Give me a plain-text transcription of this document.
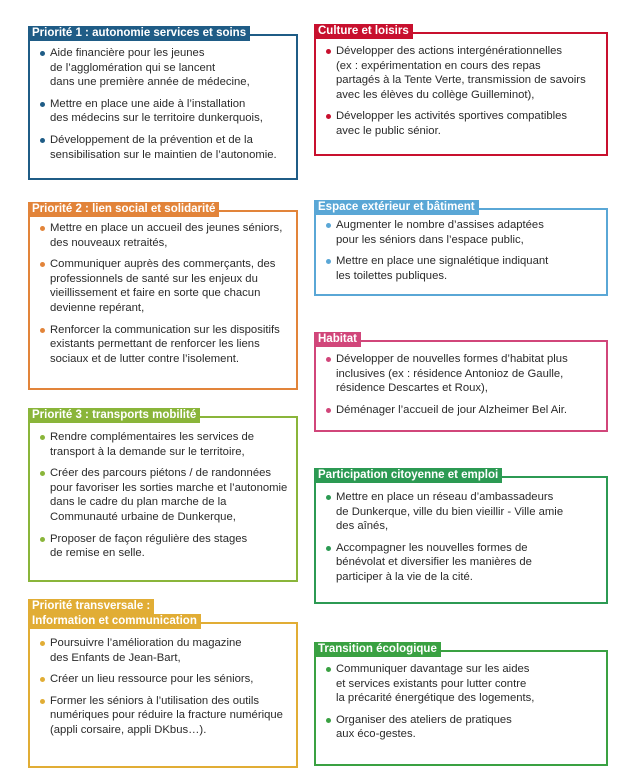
Priorité 1 : autonomie services et soins
Aide financière pour les jeunes
de l’agglomération qui se lancent
dans une première année de médecine,
Mettre en place une aide à l’installation
des médecins sur le territoire dunkerquois,
Développement de la prévention et de la
sensibilisation sur le maintien de l’autonomie.
Priorité 2 : lien social et solidarité
Mettre en place un accueil des jeunes séniors,
des nouveaux retraités,
Communiquer auprès des commerçants, des
professionnels de santé sur les enjeux du
vieillissement et faire en sorte que chacun
devienne repérant,
Renforcer la communication sur les dispositifs
existants permettant de renforcer les liens
sociaux et de lutter contre l’isolement.
Priorité 3 : transports mobilité
Rendre complémentaires les services de
transport à la demande sur le territoire,
Créer des parcours piétons / de randonnées
pour favoriser les sorties marche et l’autonomie
dans le cadre du plan marche de la
Communauté urbaine de Dunkerque,
Proposer de façon régulière des stages
de remise en selle.
Priorité transversale :
Information et communication
Poursuivre l’amélioration du magazine
des Enfants de Jean-Bart,
Créer un lieu ressource pour les séniors,
Former les séniors à l’utilisation des outils
numériques pour réduire la fracture numérique
(appli corsaire, appli DKbus…).
Culture et loisirs
Développer des actions intergénérationnelles
(ex : expérimentation en cours des repas
partagés à la Tente Verte, transmission de savoirs
avec les élèves du collège Guilleminot),
Développer les activités sportives compatibles
avec le public sénior.
Espace extérieur et bâtiment
Augmenter le nombre d’assises adaptées
pour les séniors dans l’espace public,
Mettre en place une signalétique indiquant
les toilettes publiques.
Habitat
Développer de nouvelles formes d’habitat plus
inclusives (ex : résidence Antonioz de Gaulle,
résidence Descartes et Roux),
Déménager l’accueil de jour Alzheimer Bel Air.
Participation citoyenne et emploi
Mettre en place un réseau d’ambassadeurs
de Dunkerque, ville du bien vieillir - Ville amie
des aînés,
Accompagner les nouvelles formes de
bénévolat et diversifier les manières de
participer à la vie de la cité.
Transition écologique
Communiquer davantage sur les aides
et services existants pour lutter contre
la précarité énergétique des logements,
Organiser des ateliers de pratiques
aux éco-gestes.
